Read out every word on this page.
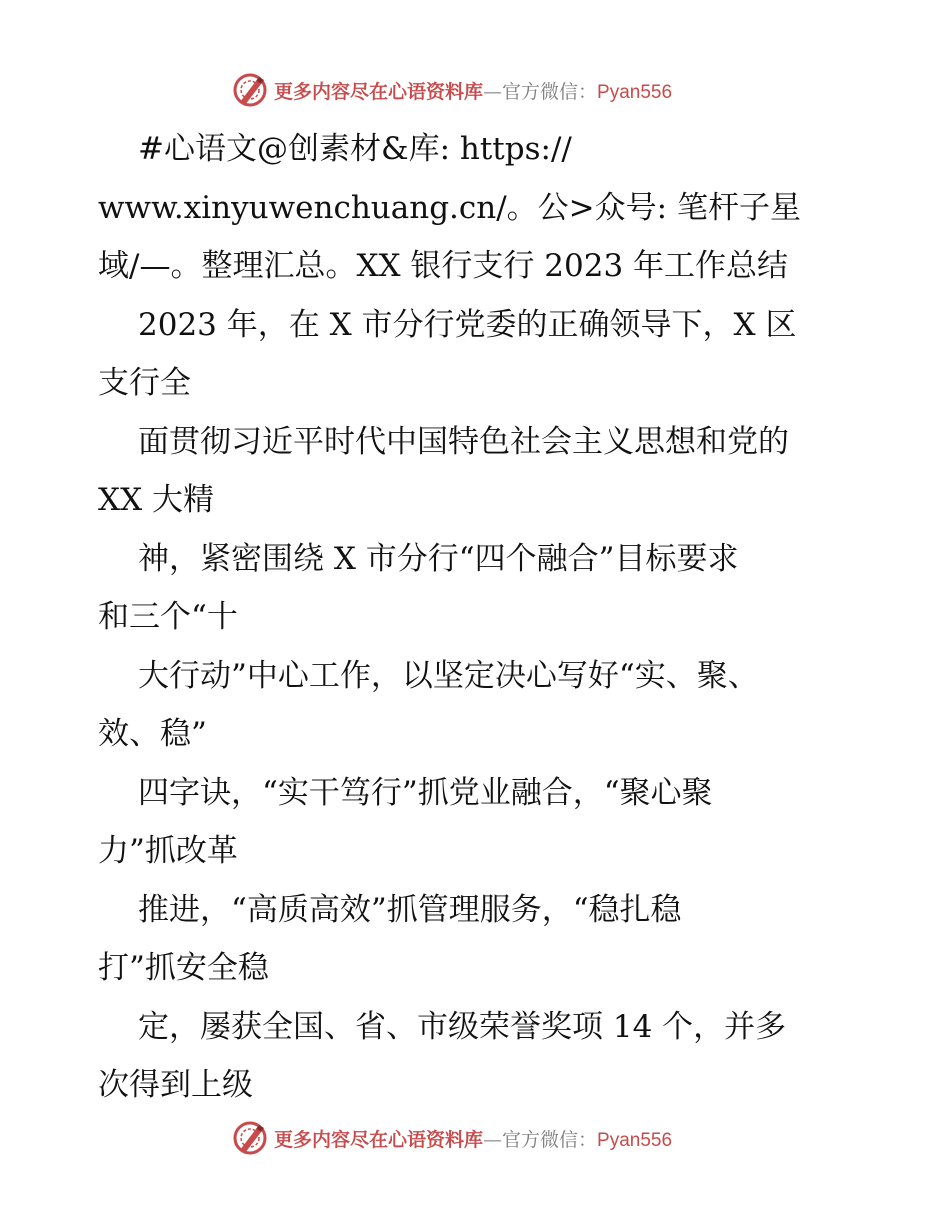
更多内容尽在心语资料库—官方微信：Pyan556
#心语文@创素材&库: https://
www.xinyuwenchuang.cn/。公>众号: 笔杆子星
域/—。整理汇总。XX 银行支行 2023 年工作总结
2023 年，在 X 市分行党委的正确领导下，X 区
支行全
面贯彻习近平时代中国特色社会主义思想和党的
XX 大精
神，紧密围绕 X 市分行“四个融合”目标要求
和三个“十
大行动”中心工作，以坚定决心写好“实、聚、
效、稳”
四字诀，“实干笃行”抓党业融合，“聚心聚
力”抓改革
推进，“高质高效”抓管理服务，“稳扎稳
打”抓安全稳
定，屡获全国、省、市级荣誉奖项 14 个，并多
次得到上级
更多内容尽在心语资料库—官方微信：Pyan556
